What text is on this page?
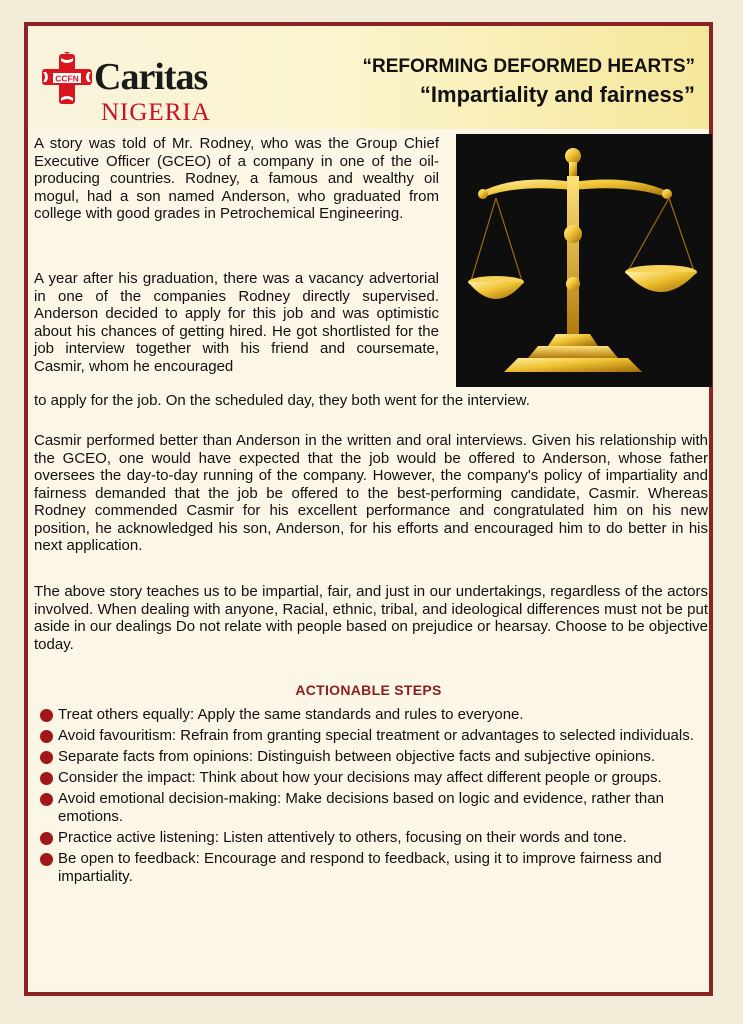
CCFN Caritas
NIGERIA
“REFORMING DEFORMED HEARTS”
“Impartiality and fairness”

A story was told of Mr. Rodney, who was the Group Chief Executive Officer (GCEO) of a company in one of the oil-producing countries. Rodney, a famous and wealthy oil mogul, had a son named Anderson, who graduated from college with good grades in Petrochemical Engineering.

A year after his graduation, there was a vacancy advertorial in one of the companies Rodney directly supervised. Anderson decided to apply for this job and was optimistic about his chances of getting hired. He got shortlisted for the job interview together with his friend and coursemate, Casmir, whom he encouraged

to apply for the job. On the scheduled day, they both went for the interview.

Casmir performed better than Anderson in the written and oral interviews. Given his relationship with the GCEO, one would have expected that the job would be offered to Anderson, whose father oversees the day-to-day running of the company. However, the company's policy of impartiality and fairness demanded that the job be offered to the best-performing candidate, Casmir. Whereas Rodney commended Casmir for his excellent performance and congratulated him on his new position, he acknowledged his son, Anderson, for his efforts and encouraged him to do better in his next application.

The above story teaches us to be impartial, fair, and just in our undertakings, regardless of the actors involved. When dealing with anyone, Racial, ethnic, tribal, and ideological differences must not be put aside in our dealings Do not relate with people based on prejudice or hearsay. Choose to be objective today.

ACTIONABLE STEPS
Treat others equally: Apply the same standards and rules to everyone.
Avoid favouritism: Refrain from granting special treatment or advantages to selected individuals.
Separate facts from opinions: Distinguish between objective facts and subjective opinions.
Consider the impact: Think about how your decisions may affect different people or groups.
Avoid emotional decision-making: Make decisions based on logic and evidence, rather than emotions.
Practice active listening: Listen attentively to others, focusing on their words and tone.
Be open to feedback: Encourage and respond to feedback, using it to improve fairness and impartiality.
